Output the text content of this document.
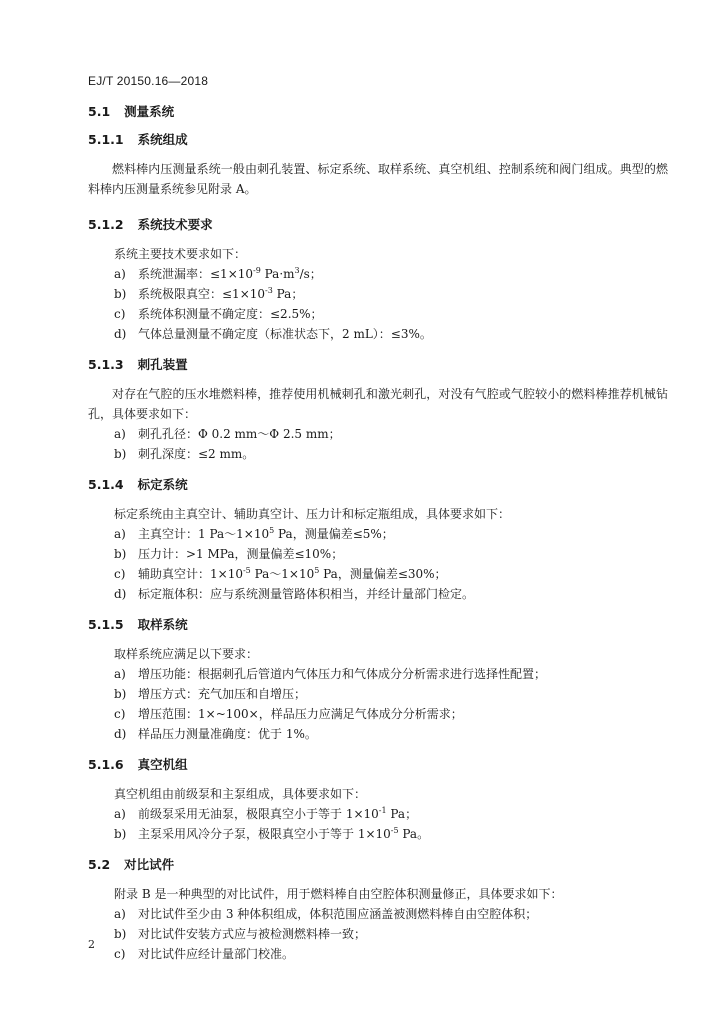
EJ/T 20150.16—2018
5.1 测量系统
5.1.1 系统组成

燃料棒内压测量系统一般由刺孔装置、标定系统、取样系统、真空机组、控制系统和阀门组成。典型的燃料棒内压测量系统参见附录 A。

5.1.2 系统技术要求

系统主要技术要求如下：

a) 系统泄漏率：$\le 1\times 10^{-9}$ $Pa\cdot m^3/s$；
b) 系统极限真空：$\le 1\times 10^{-3}$ Pa；
c) 系统体积测量不确定度：≤2.5%；
d) 气体总量测量不确定度（标准状态下，2 mL）：≤3%。
5.1.3 刺孔装置

对存在气腔的压水堆燃料棒，推荐使用机械刺孔和激光刺孔，对没有气腔或气腔较小的燃料棒推荐机械钻孔，具体要求如下：

a) 刺孔孔径：Φ 0.2 mm～Φ 2.5 mm；
b) 刺孔深度：≤2 mm。
5.1.4 标定系统

标定系统由主真空计、辅助真空计、压力计和标定瓶组成，具体要求如下：

a) 主真空计：1 $Pa\sim 1\times 10^5$ Pa，测量偏差≤5%；
b) 压力计：>1 MPa，测量偏差≤10%；
c) 辅助真空计：$1\times 10^{-5}$ $Pa\sim 1\times 10^5$ Pa，测量偏差≤30%；
d) 标定瓶体积：应与系统测量管路体积相当，并经计量部门检定。
5.1.5 取样系统

取样系统应满足以下要求：

a) 增压功能：根据刺孔后管道内气体压力和气体成分分析需求进行选择性配置；
b) 增压方式：充气加压和自增压；
c) 增压范围：1×~100×，样品压力应满足气体成分分析需求；
d) 样品压力测量准确度：优于 1%。
5.1.6 真空机组

真空机组由前级泵和主泵组成，具体要求如下：

a) 前级泵采用无油泵，极限真空小于等于 $1\times 10^{-1}$ Pa；
b) 主泵采用风冷分子泵，极限真空小于等于 $1\times 10^{-5}$ Pa。
5.2 对比试件

附录 B 是一种典型的对比试件，用于燃料棒自由空腔体积测量修正，具体要求如下：

a) 对比试件至少由 3 种体积组成，体积范围应涵盖被测燃料棒自由空腔体积；
b) 对比试件安装方式应与被检测燃料棒一致；
c) 对比试件应经计量部门校准。
2
